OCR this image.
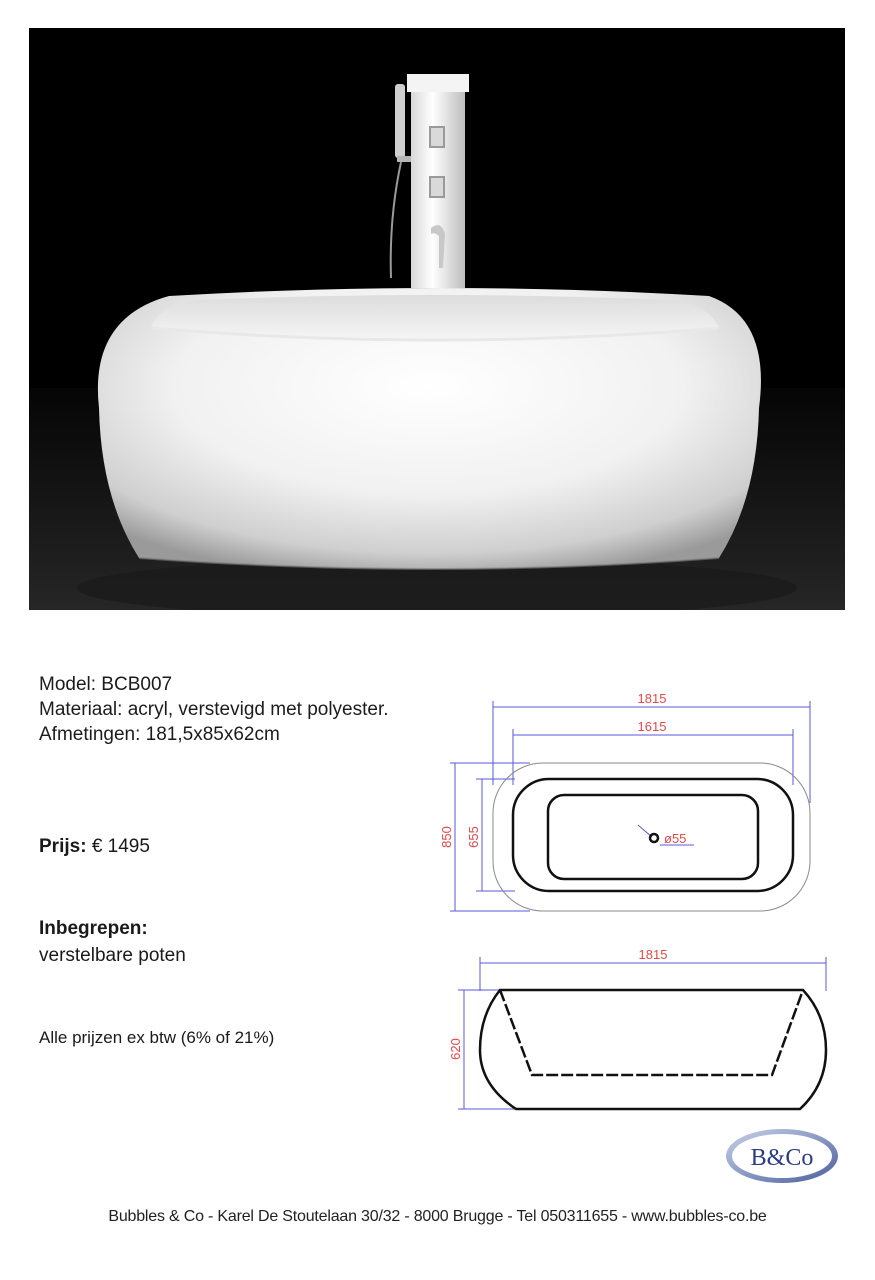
Model: BCB007
Materiaal: acryl, verstevigd met polyester.
Afmetingen: 181,5x85x62cm
Prijs: € 1495
Inbegrepen:
verstelbare poten
Alle prijzen ex btw (6% of 21%)
1815
1615
850 655	ø55
1815
620
B&Co
Bubbles & Co - Karel De Stoutelaan 30/32 - 8000 Brugge - Tel 050311655 - www.bubbles-co.be
